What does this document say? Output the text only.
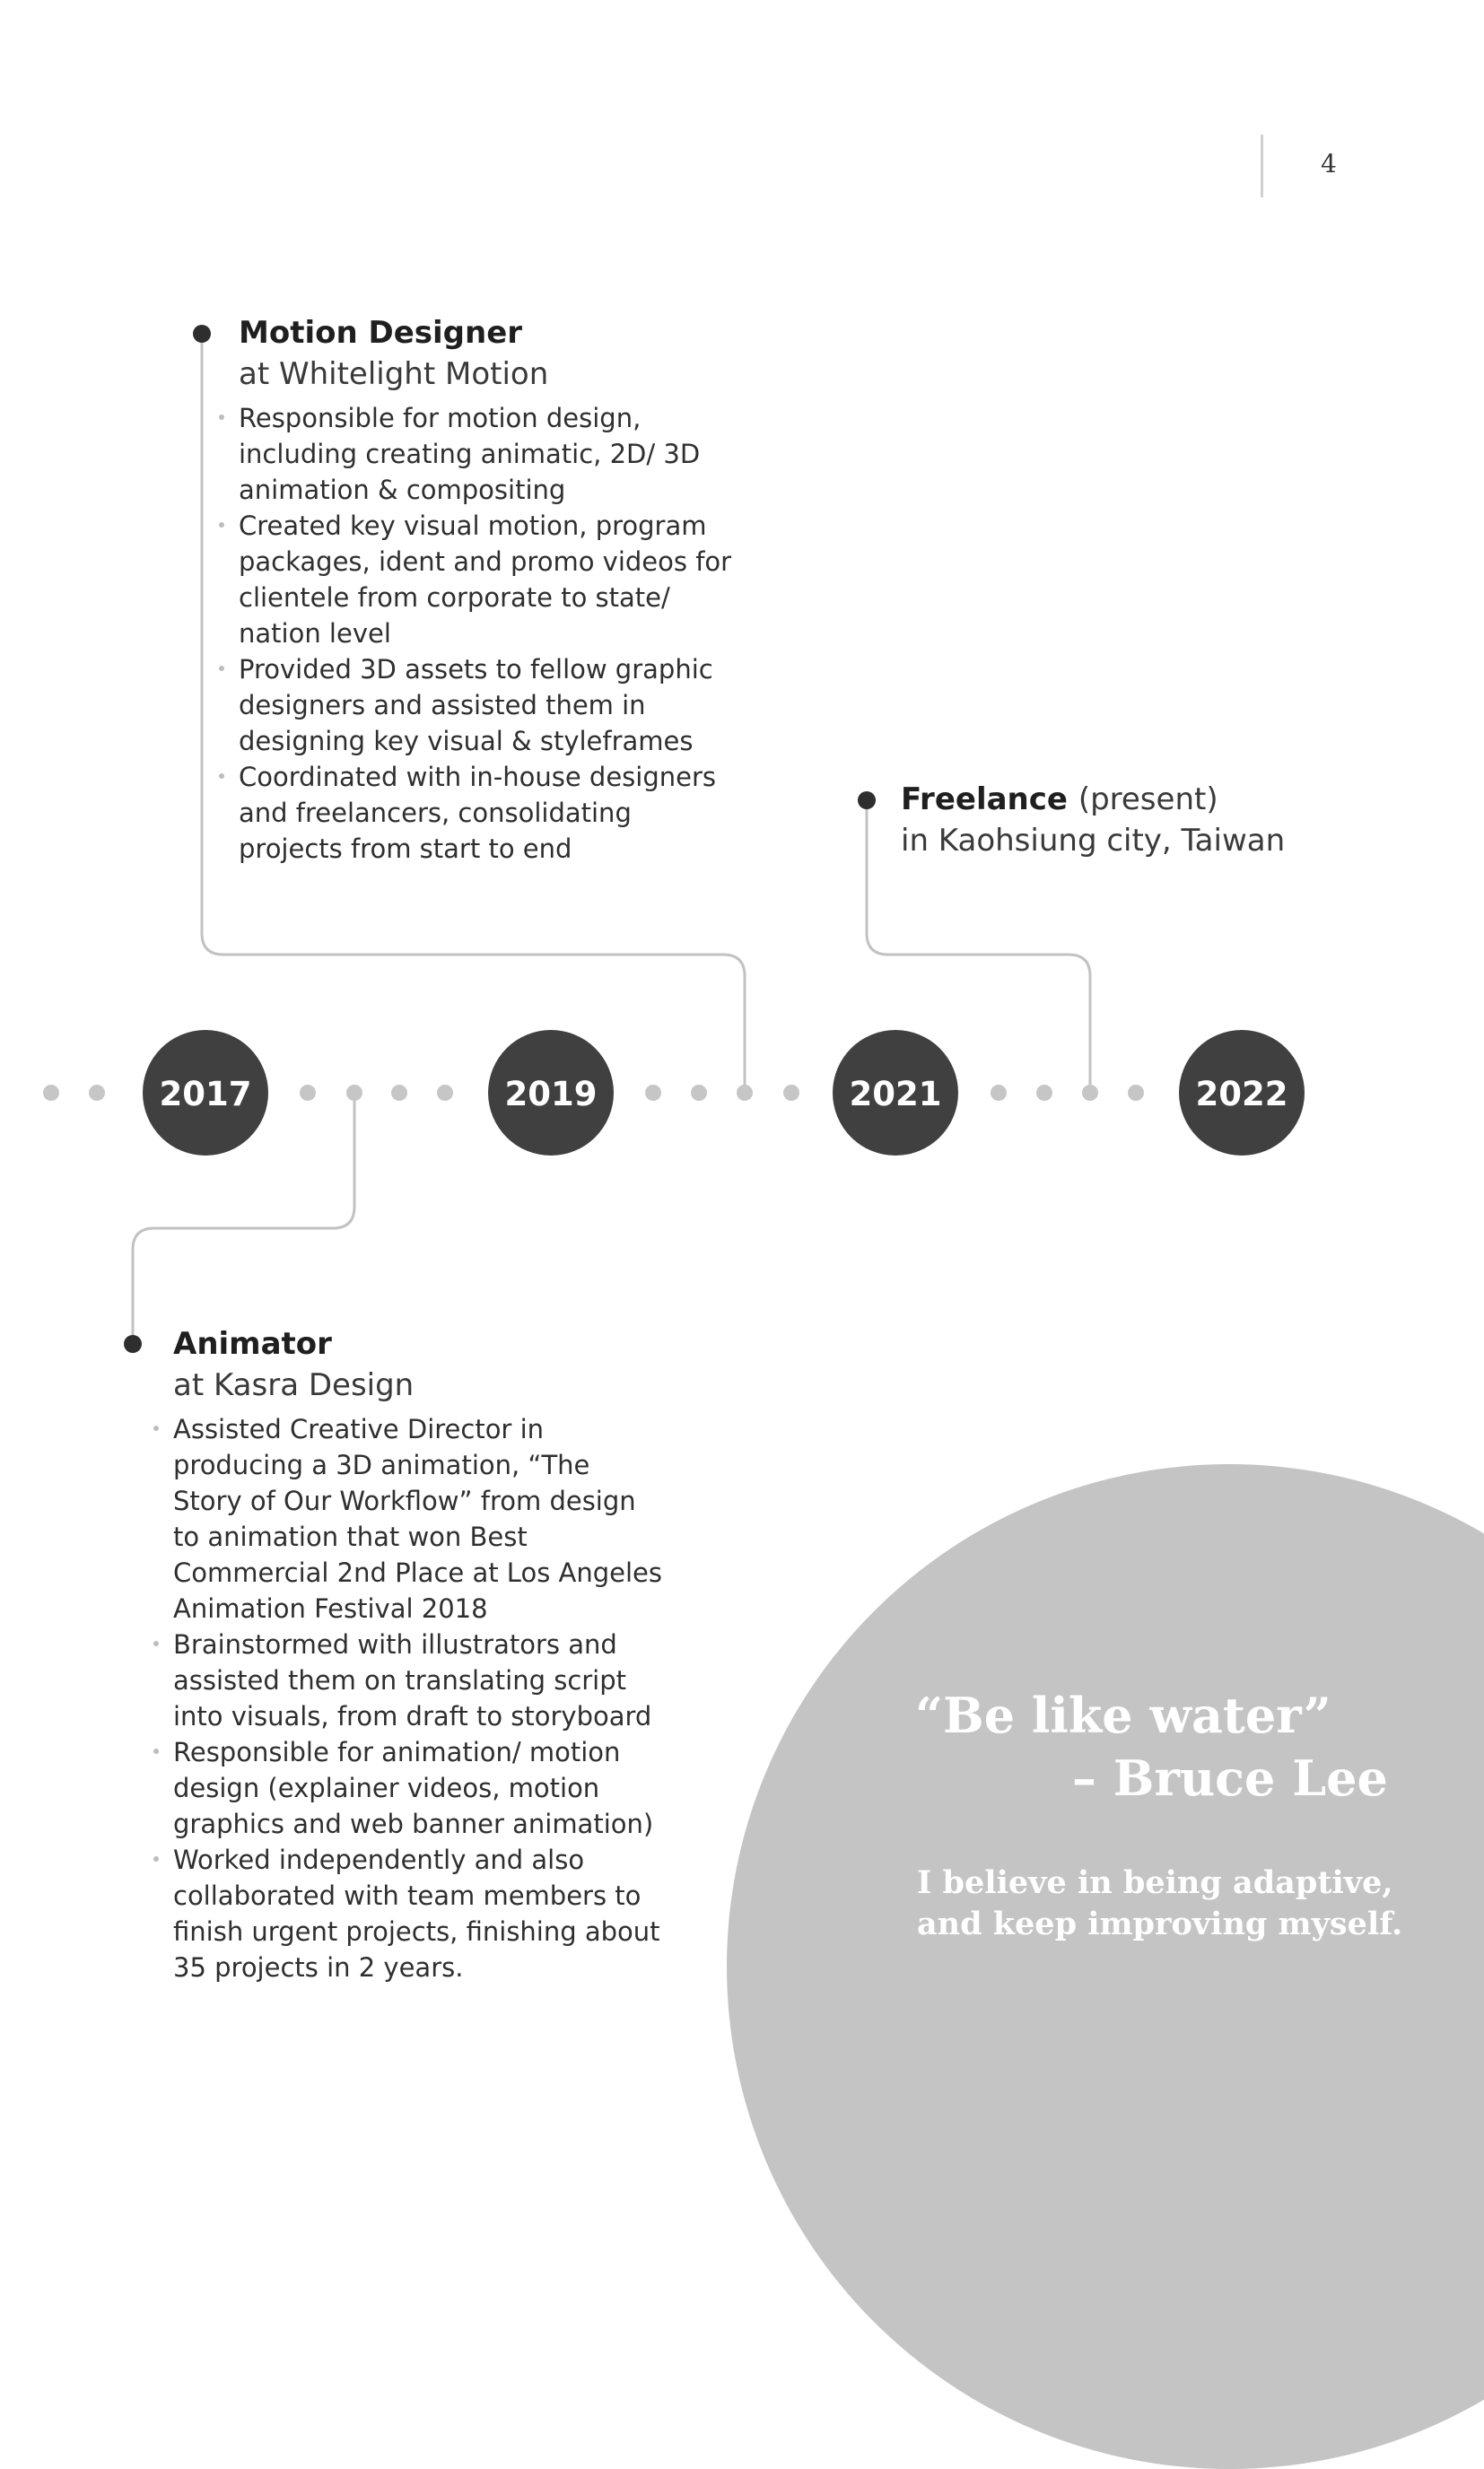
4
2017	2019	2021	2022
Motion Designer
at Whitelight Motion
Responsible for motion design, including creating animatic, 2D/ 3D animation & compositing
Created key visual motion, program packages, ident and promo videos for clientele from corporate to state/ nation level
Provided 3D assets to fellow graphic designers and assisted them in designing key visual & styleframes
Coordinated with in-house designers and freelancers, consolidating projects from start to end
Freelance (present)
in Kaohsiung city, Taiwan
Animator
at Kasra Design
Assisted Creative Director in producing a 3D animation, “The Story of Our Workflow” from design to animation that won Best Commercial 2nd Place at Los Angeles Animation Festival 2018
Brainstormed with illustrators and assisted them on translating script into visuals, from draft to storyboard
Responsible for animation/ motion design (explainer videos, motion graphics and web banner animation)
Worked independently and also collaborated with team members to finish urgent projects, finishing about 35 projects in 2 years.
“Be like water”
– Bruce Lee
I believe in being adaptive,
and keep improving myself.
